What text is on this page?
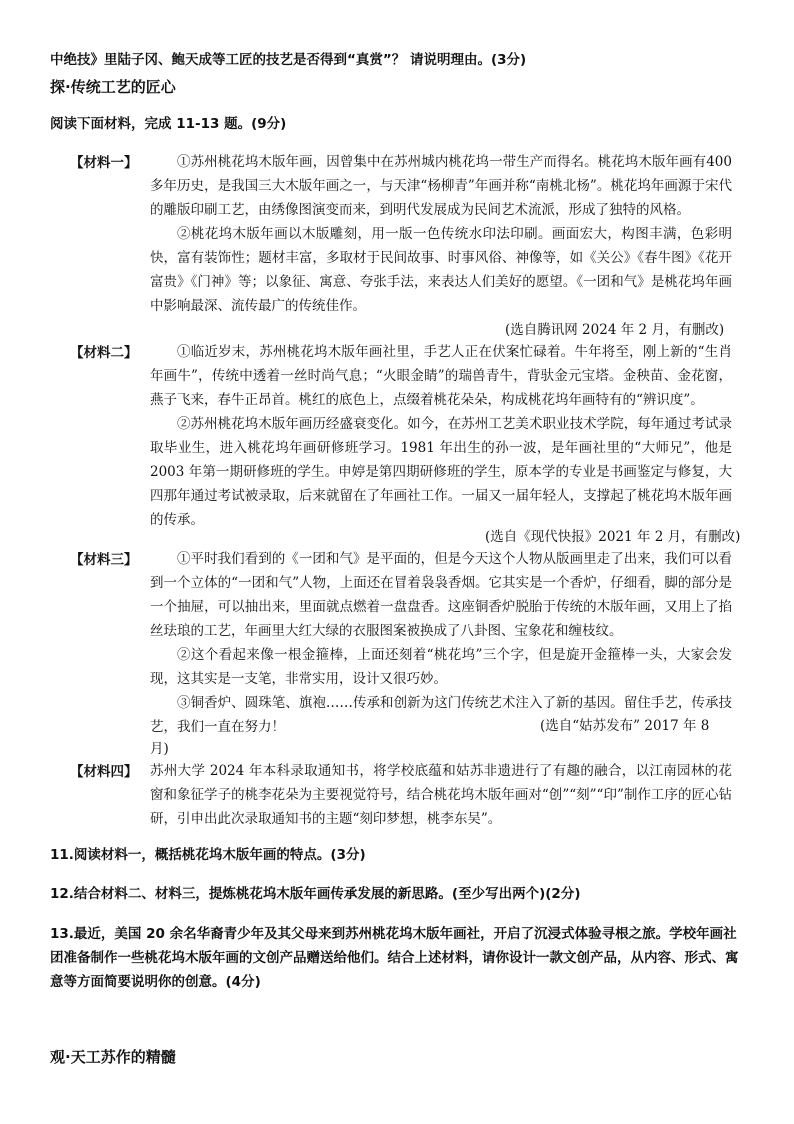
中绝技》里陆子冈、鲍天成等工匠的技艺是否得到“真赏”？ 请说明理由。(3分)
探·传统工艺的匠心
阅读下面材料，完成 11-13 题。(9分)
【材料一】	①苏州桃花坞木版年画，因曾集中在苏州城内桃花坞一带生产而得名。桃花坞木版年画有400 多年历史，是我国三大木版年画之一，与天津“杨柳青”年画并称“南桃北杨”。桃花坞年画源于宋代的雕版印刷工艺，由绣像图演变而来，到明代发展成为民间艺术流派，形成了独特的风格。

②桃花坞木版年画以木版雕刻，用一版一色传统水印法印刷。画面宏大，构图丰满，色彩明快，富有装饰性；题材丰富，多取材于民间故事、时事风俗、神像等，如《关公》《春牛图》《花开富贵》《门神》等；以象征、寓意、夸张手法，来表达人们美好的愿望。《一团和气》是桃花坞年画中影响最深、流传最广的传统佳作。

(选自腾讯网 2024 年 2 月，有删改)
【材料二】	①临近岁末，苏州桃花坞木版年画社里，手艺人正在伏案忙碌着。牛年将至，刚上新的“生肖年画牛”，传统中透着一丝时尚气息；“火眼金睛”的瑞兽青牛，背驮金元宝塔。金秧苗、金花窗，燕子飞来，春牛正昂首。桃红的底色上，点缀着桃花朵朵，构成桃花坞年画特有的“辨识度”。

②苏州桃花坞木版年画历经盛衰变化。如今，在苏州工艺美术职业技术学院，每年通过考试录取毕业生，进入桃花坞年画研修班学习。1981 年出生的孙一波，是年画社里的“大师兄”，他是 2003 年第一期研修班的学生。申婷是第四期研修班的学生，原本学的专业是书画鉴定与修复，大四那年通过考试被录取，后来就留在了年画社工作。一届又一届年轻人，支撑起了桃花坞木版年画的传承。

(选自《现代快报》2021 年 2 月，有删改)
【材料三】	①平时我们看到的《一团和气》是平面的，但是今天这个人物从版画里走了出来，我们可以看到一个立体的“一团和气”人物，上面还在冒着袅袅香烟。它其实是一个香炉，仔细看，脚的部分是一个抽屉，可以抽出来，里面就点燃着一盘盘香。这座铜香炉脱胎于传统的木版年画，又用上了掐丝珐琅的工艺，年画里大红大绿的衣服图案被换成了八卦图、宝象花和缠枝纹。

②这个看起来像一根金箍棒，上面还刻着“桃花坞”三个字，但是旋开金箍棒一头，大家会发现，这其实是一支笔，非常实用，设计又很巧妙。

③铜香炉、圆珠笔、旗袍……传承和创新为这门传统艺术注入了新的基因。留住手艺，传承技艺，我们一直在努力！	(选自“姑苏发布” 2017 年 8
月)
【材料四】 苏州大学 2024 年本科录取通知书，将学校底蕴和姑苏非遗进行了有趣的融合，以江南园林的花窗和象征学子的桃李花朵为主要视觉符号，结合桃花坞木版年画对“创”“刻”“印”制作工序的匠心钻研，引申出此次录取通知书的主题“刻印梦想，桃李东吴”。

11.阅读材料一，概括桃花坞木版年画的特点。(3分)
12.结合材料二、材料三，提炼桃花坞木版年画传承发展的新思路。(至少写出两个)(2分)
13.最近，美国 20 余名华裔青少年及其父母来到苏州桃花坞木版年画社，开启了沉浸式体验寻根之旅。学校年画社团准备制作一些桃花坞木版年画的文创产品赠送给他们。结合上述材料，请你设计一款文创产品，从内容、形式、寓意等方面简要说明你的创意。(4分)
观·天工苏作的精髓
